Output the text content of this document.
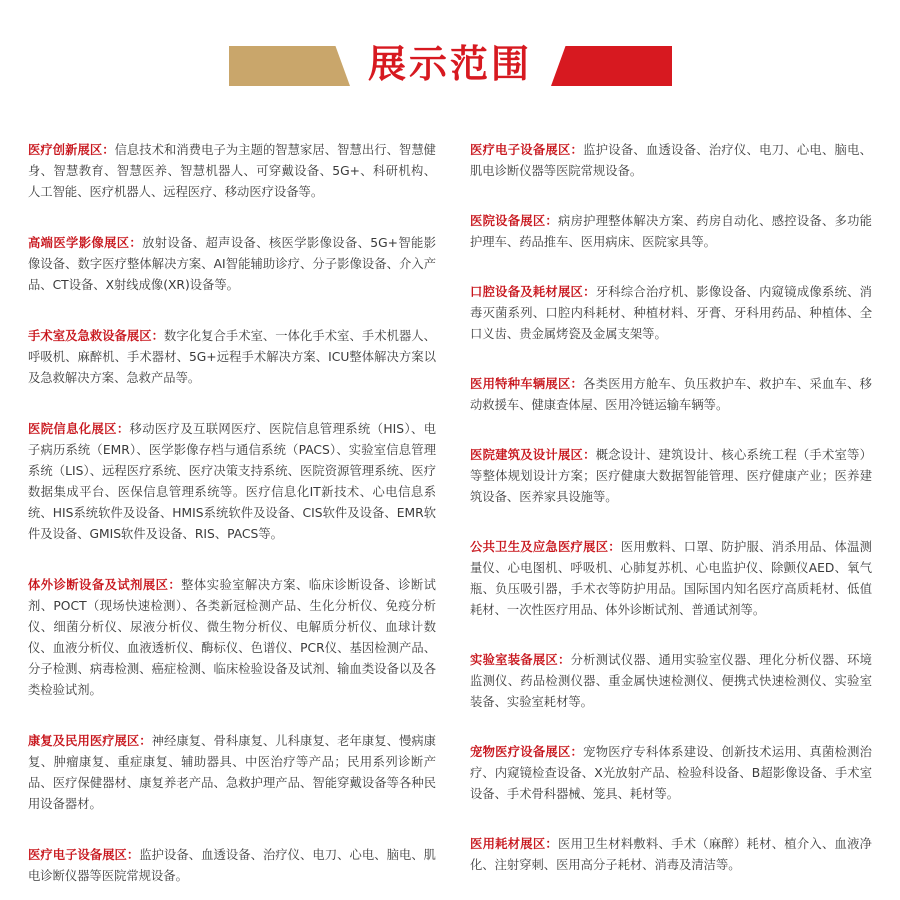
展示范围

医疗创新展区：信息技术和消费电子为主题的智慧家居、智慧出行、智慧健身、智慧教育、智慧医养、智慧机器人、可穿戴设备、5G+、科研机构、人工智能、医疗机器人、远程医疗、移动医疗设备等。

高端医学影像展区：放射设备、超声设备、核医学影像设备、5G+智能影像设备、数字医疗整体解决方案、AI智能辅助诊疗、分子影像设备、介入产品、CT设备、X射线成像(XR)设备等。

手术室及急救设备展区：数字化复合手术室、一体化手术室、手术机器人、呼吸机、麻醉机、手术器材、5G+远程手术解决方案、ICU整体解决方案以及急救解决方案、急救产品等。

医院信息化展区：移动医疗及互联网医疗、医院信息管理系统（HIS）、电子病历系统（EMR）、医学影像存档与通信系统（PACS）、实验室信息管理系统（LIS）、远程医疗系统、医疗决策支持系统、医院资源管理系统、医疗数据集成平台、医保信息管理系统等。医疗信息化IT新技术、心电信息系统、HIS系统软件及设备、HMIS系统软件及设备、CIS软件及设备、EMR软件及设备、GMIS软件及设备、RIS、PACS等。

体外诊断设备及试剂展区：整体实验室解决方案、临床诊断设备、诊断试剂、POCT（现场快速检测）、各类新冠检测产品、生化分析仪、免疫分析仪、细菌分析仪、尿液分析仪、微生物分析仪、电解质分析仪、血球计数仪、血液分析仪、血液透析仪、酶标仪、色谱仪、PCR仪、基因检测产品、分子检测、病毒检测、癌症检测、临床检验设备及试剂、输血类设备以及各类检验试剂。

康复及民用医疗展区：神经康复、骨科康复、儿科康复、老年康复、慢病康复、肿瘤康复、重症康复、辅助器具、中医治疗等产品；民用系列诊断产品、医疗保健器材、康复养老产品、急救护理产品、智能穿戴设备等各种民用设备器材。

医疗电子设备展区：监护设备、血透设备、治疗仪、电刀、心电、脑电、肌电诊断仪器等医院常规设备。

医疗电子设备展区：监护设备、血透设备、治疗仪、电刀、心电、脑电、肌电诊断仪器等医院常规设备。

医院设备展区：病房护理整体解决方案、药房自动化、感控设备、多功能护理车、药品推车、医用病床、医院家具等。

口腔设备及耗材展区：牙科综合治疗机、影像设备、内窥镜成像系统、消毒灭菌系列、口腔内科耗材、种植材料、牙膏、牙科用药品、种植体、全口义齿、贵金属烤瓷及金属支架等。

医用特种车辆展区：各类医用方舱车、负压救护车、救护车、采血车、移动救援车、健康查体屋、医用冷链运输车辆等。

医院建筑及设计展区：概念设计、建筑设计、核心系统工程（手术室等）等整体规划设计方案；医疗健康大数据智能管理、医疗健康产业；医养建筑设备、医养家具设施等。

公共卫生及应急医疗展区：医用敷料、口罩、防护服、消杀用品、体温测量仪、心电图机、呼吸机、心肺复苏机、心电监护仪、除颤仪AED、氧气瓶、负压吸引器，手术衣等防护用品。国际国内知名医疗高质耗材、低值耗材、一次性医疗用品、体外诊断试剂、普通试剂等。

实验室装备展区：分析测试仪器、通用实验室仪器、理化分析仪器、环境监测仪、药品检测仪器、重金属快速检测仪、便携式快速检测仪、实验室装备、实验室耗材等。

宠物医疗设备展区：宠物医疗专科体系建设、创新技术运用、真菌检测治疗、内窥镜检查设备、X光放射产品、检验科设备、B超影像设备、手术室设备、手术骨科器械、笼具、耗材等。

医用耗材展区：医用卫生材料敷料、手术（麻醉）耗材、植介入、血液净化、注射穿刺、医用高分子耗材、消毒及清洁等。
